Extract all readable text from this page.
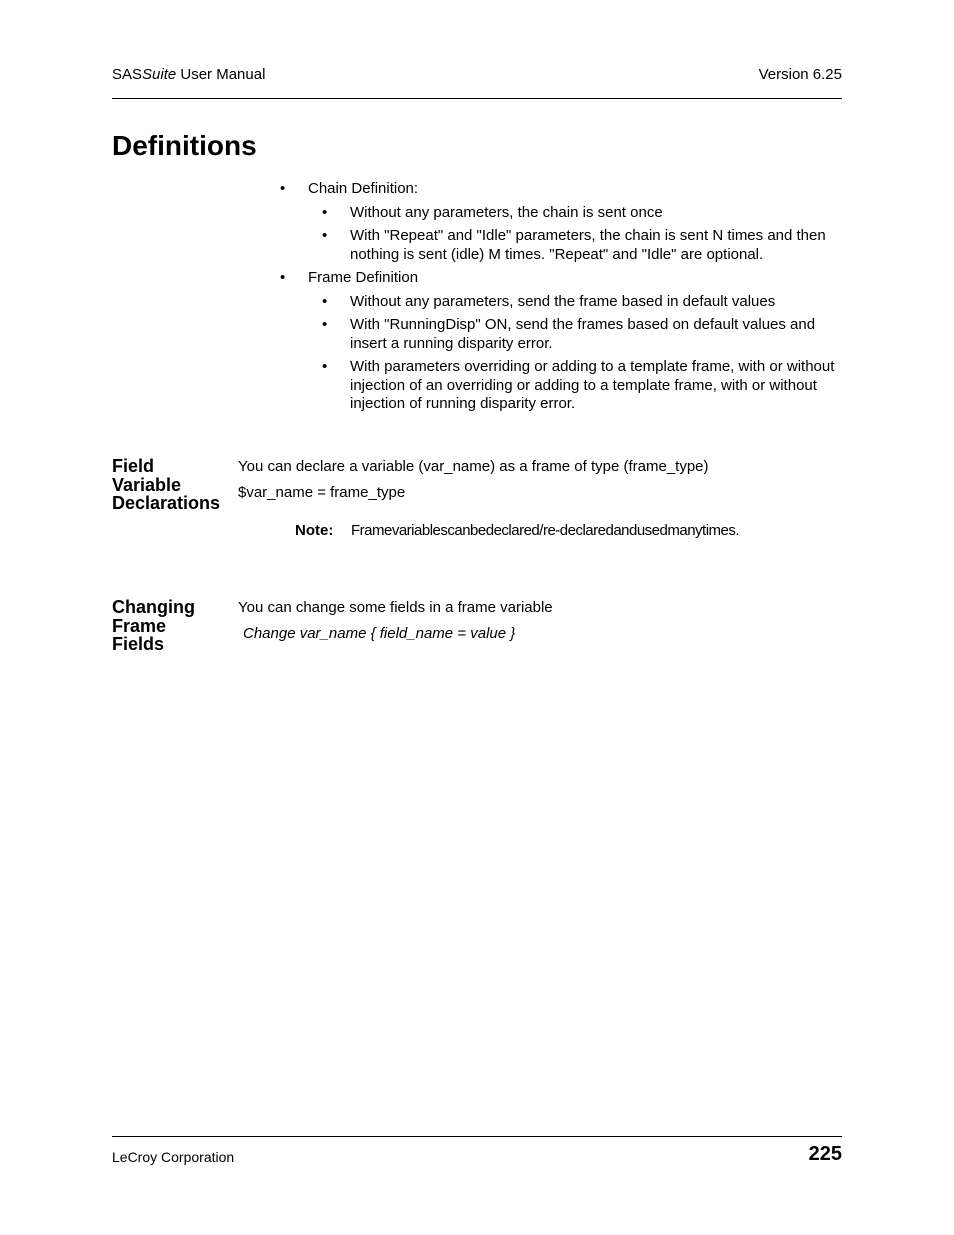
SASSuite User Manual	Version 6.25
Definitions
• Chain Definition:
• Without any parameters, the chain is sent once
• With "Repeat" and "Idle" parameters, the chain is sent N times and then nothing is sent (idle) M times. "Repeat" and "Idle" are optional.
• Frame Definition
• Without any parameters, send the frame based in default values
• With "RunningDisp" ON, send the frames based on default values and insert a running disparity error.
• With parameters overriding or adding to a template frame, with or without injection of an overriding or adding to a template frame, with or without injection of running disparity error.
Field
Variable
Declarations
You can declare a variable (var_name) as a frame of type (frame_type)
$var_name = frame_type
Note: Framevariablescanbedeclared/re-declaredandusedmanytimes.
Changing
Frame
Fields
You can change some fields in a frame variable
Change var_name { field_name = value }
LeCroy Corporation	225
